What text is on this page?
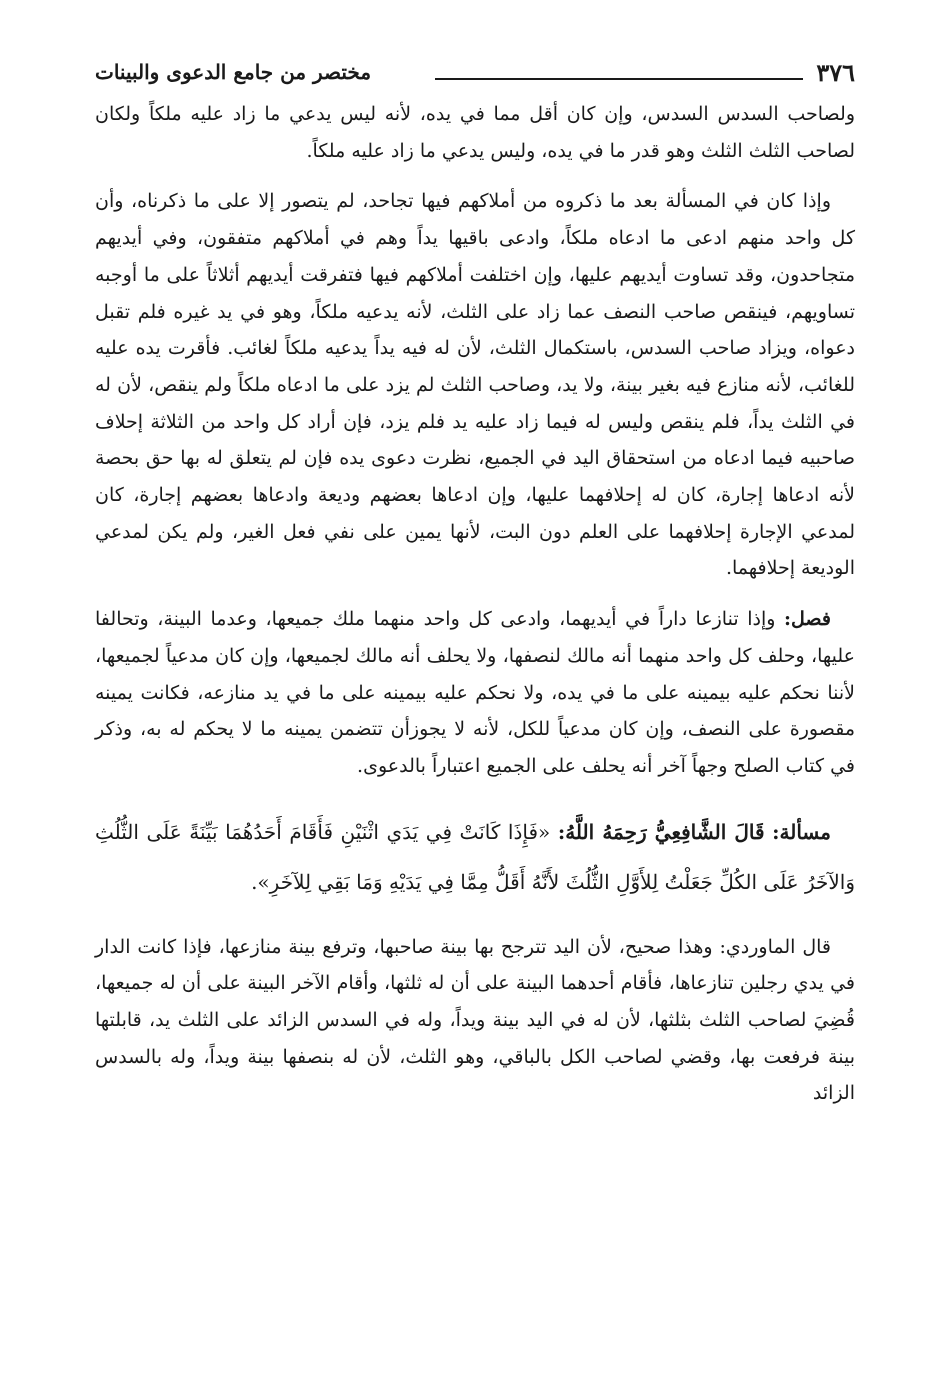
٣٧٦
مختصر من جامع الدعوى والبينات

ولصاحب السدس السدس، وإن كان أقل مما في يده، لأنه ليس يدعي ما زاد عليه ملكاً ولكان لصاحب الثلث الثلث وهو قدر ما في يده، وليس يدعي ما زاد عليه ملكاً.

وإذا كان في المسألة بعد ما ذكروه من أملاكهم فيها تجاحد، لم يتصور إلا على ما ذكرناه، وأن كل واحد منهم ادعى ما ادعاه ملكاً، وادعى باقيها يداً وهم في أملاكهم متفقون، وفي أيديهم متجاحدون، وقد تساوت أيديهم عليها، وإن اختلفت أملاكهم فيها فتفرقت أيديهم أثلاثاً على ما أوجبه تساويهم، فينقص صاحب النصف عما زاد على الثلث، لأنه يدعيه ملكاً، وهو في يد غيره فلم تقبل دعواه، ويزاد صاحب السدس، باستكمال الثلث، لأن له فيه يداً يدعيه ملكاً لغائب. فأقرت يده عليه للغائب، لأنه منازع فيه بغير بينة، ولا يد، وصاحب الثلث لم يزد على ما ادعاه ملكاً ولم ينقص، لأن له في الثلث يداً، فلم ينقص وليس له فيما زاد عليه يد فلم يزد، فإن أراد كل واحد من الثلاثة إحلاف صاحبيه فيما ادعاه من استحقاق اليد في الجميع، نظرت دعوى يده فإن لم يتعلق له بها حق بحصة لأنه ادعاها إجارة، كان له إحلافهما عليها، وإن ادعاها بعضهم وديعة وادعاها بعضهم إجارة، كان لمدعي الإجارة إحلافهما على العلم دون البت، لأنها يمين على نفي فعل الغير، ولم يكن لمدعي الوديعة إحلافهما.

فصل: وإذا تنازعا داراً في أيديهما، وادعى كل واحد منهما ملك جميعها، وعدما البينة، وتحالفا عليها، وحلف كل واحد منهما أنه مالك لنصفها، ولا يحلف أنه مالك لجميعها، وإن كان مدعياً لجميعها، لأننا نحكم عليه بيمينه على ما في يده، ولا نحكم عليه بيمينه على ما في يد منازعه، فكانت يمينه مقصورة على النصف، وإن كان مدعياً للكل، لأنه لا يجوزأن تتضمن يمينه ما لا يحكم له به، وذكر في كتاب الصلح وجهاً آخر أنه يحلف على الجميع اعتباراً بالدعوى.

مسألة: قَالَ الشَّافِعِيُّ رَحِمَهُ اللَّهُ: «فَإِذَا كَانَتْ فِي يَدَي اثْنَيْنِ فَأَقَامَ أَحَدُهُمَا بَيِّنَةً عَلَى الثُّلُثِ وَالآخَرُ عَلَى الكُلِّ جَعَلْتُ لِلأَوَّلِ الثُّلُثَ لأَنَّهُ أَقَلُّ مِمَّا فِي يَدَيْهِ وَمَا بَقِي لِلآخَرِ».

قال الماوردي: وهذا صحيح، لأن اليد تترجح بها بينة صاحبها، وترفع بينة منازعها، فإذا كانت الدار في يدي رجلين تنازعاها، فأقام أحدهما البينة على أن له ثلثها، وأقام الآخر البينة على أن له جميعها، قُضِيَ لصاحب الثلث بثلثها، لأن له في اليد بينة ويداً، وله في السدس الزائد على الثلث يد، قابلتها بينة فرفعت بها، وقضي لصاحب الكل بالباقي، وهو الثلث، لأن له بنصفها بينة ويداً، وله بالسدس الزائد
